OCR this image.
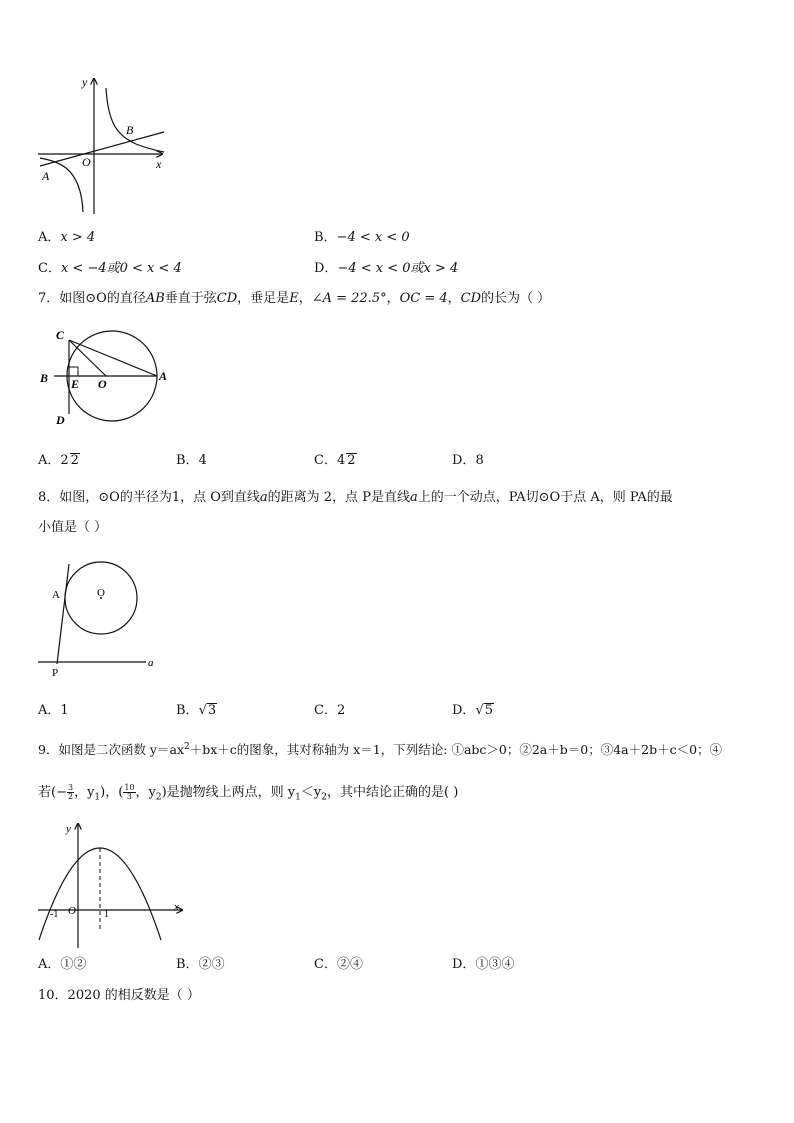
y
x
O
A
B
A．x > 4	B．−4 < x < 0
C．x < −4或0 < x < 4	D．−4 < x < 0或x > 4
7．如图⊙O的直径AB垂直于弦CD，垂足是E，∠A = 22.5°，OC = 4，CD的长为（ ）
C
B E O
A
D
A．2 2	B．4	C．4 2	D．8
8．如图，⊙O的半径为1，点 O到直线a的距离为 2，点 P是直线a上的一个动点，PA切⊙O于点 A，则 PA的最
小值是（ ）
A	O
P
a
A．1	B．√3	C．2	D．√5
9．如图是二次函数 $y=ax^2+bx+c$的图象，其对称轴为 x＝1，下列结论: ①abc＞0；②2a＋b＝0；③4a＋2b＋c＜0；④
若(− $\frac{3}{2}$ ，$y_1$)，( $\frac{10}{3}$ ，$y_2$)是抛物线上两点，则 $y_1<y_2$，其中结论正确的是( )
y
x
O
-1	1
A．①②	B．②③	C．②④	D．①③④
10．2020 的相反数是（ ）
